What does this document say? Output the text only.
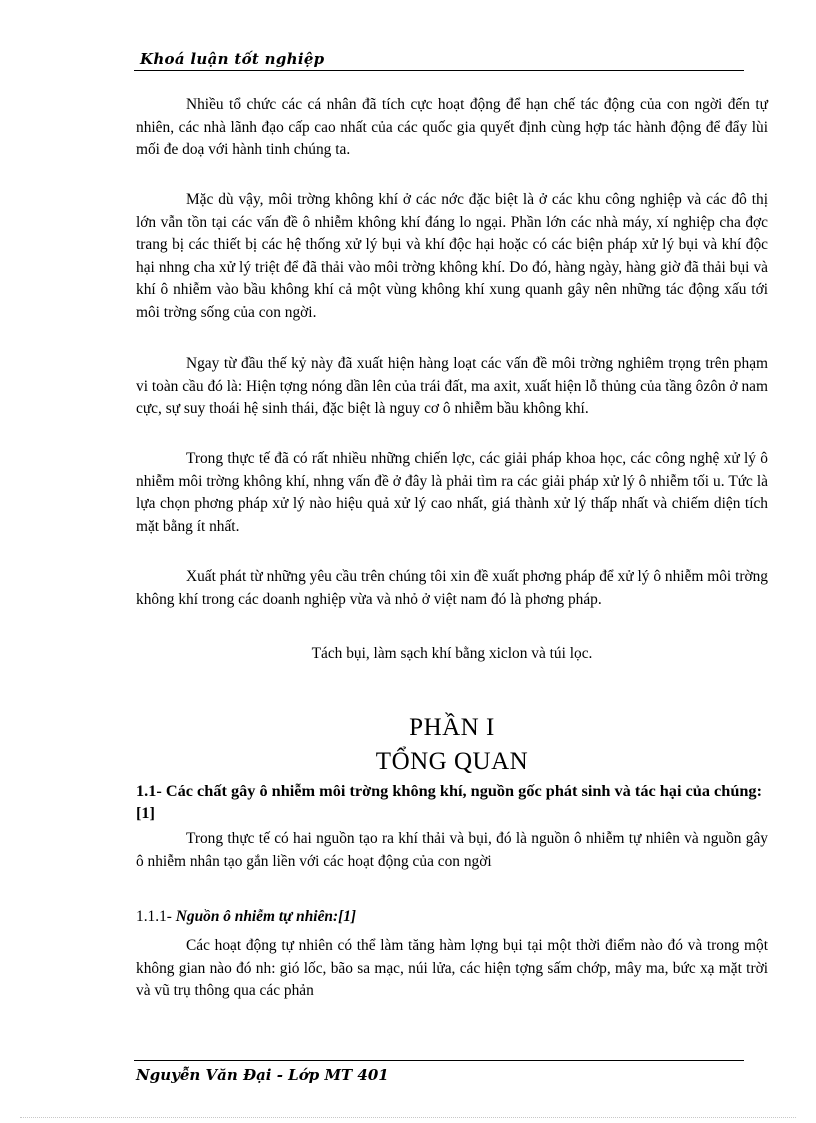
Khoá luận tốt nghiệp

Nhiều tổ chức các cá nhân đã tích cực hoạt động để hạn chế tác động của con ngời đến tự nhiên, các nhà lãnh đạo cấp cao nhất của các quốc gia quyết định cùng hợp tác hành động để đẩy lùi mối đe doạ với hành tinh chúng ta.

Mặc dù vậy, môi trờng không khí ở các nớc đặc biệt là ở các khu công nghiệp và các đô thị lớn vẫn tồn tại các vấn đề ô nhiễm không khí đáng lo ngại. Phần lớn các nhà máy, xí nghiệp cha đợc trang bị các thiết bị các hệ thống xử lý bụi và khí độc hại hoặc có các biện pháp xử lý bụi và khí độc hại nhng cha xử lý triệt để đã thải vào môi trờng không khí. Do đó, hàng ngày, hàng giờ đã thải bụi và khí ô nhiễm vào bầu không khí cả một vùng không khí xung quanh gây nên những tác động xấu tới môi trờng sống của con ngời.

Ngay từ đầu thế kỷ này đã xuất hiện hàng loạt các vấn đề môi trờng nghiêm trọng trên phạm vi toàn cầu đó là: Hiện tợng nóng dần lên của trái đất, ma axit, xuất hiện lỗ thủng của tầng ôzôn ở nam cực, sự suy thoái hệ sinh thái, đặc biệt là nguy cơ ô nhiễm bầu không khí.

Trong thực tế đã có rất nhiều những chiến lợc, các giải pháp khoa học, các công nghệ xử lý ô nhiễm môi trờng không khí, nhng vấn đề ở đây là phải tìm ra các giải pháp xử lý ô nhiễm tối u. Tức là lựa chọn phơng pháp xử lý nào hiệu quả xử lý cao nhất, giá thành xử lý thấp nhất và chiếm diện tích mặt bằng ít nhất.

Xuất phát từ những yêu cầu trên chúng tôi xin đề xuất phơng pháp để xử lý ô nhiễm môi trờng không khí trong các doanh nghiệp vừa và nhỏ ở việt nam đó là phơng pháp.

Tách bụi, làm sạch khí bằng xiclon và túi lọc.

PHẦN I
TỔNG QUAN

1.1- Các chất gây ô nhiễm môi trờng không khí, nguồn gốc phát sinh và tác hại của chúng:[1]

Trong thực tế có hai nguồn tạo ra khí thải và bụi, đó là nguồn ô nhiễm tự nhiên và nguồn gây ô nhiễm nhân tạo gắn liền với các hoạt động của con ngời

1.1.1- Nguồn ô nhiễm tự nhiên:[1]

Các hoạt động tự nhiên có thể làm tăng hàm lợng bụi tại một thời điểm nào đó và trong một không gian nào đó nh: gió lốc, bão sa mạc, núi lửa, các hiện tợng sấm chớp, mây ma, bức xạ mặt trời và vũ trụ thông qua các phản

Nguyễn Văn Đại - Lớp MT 401
